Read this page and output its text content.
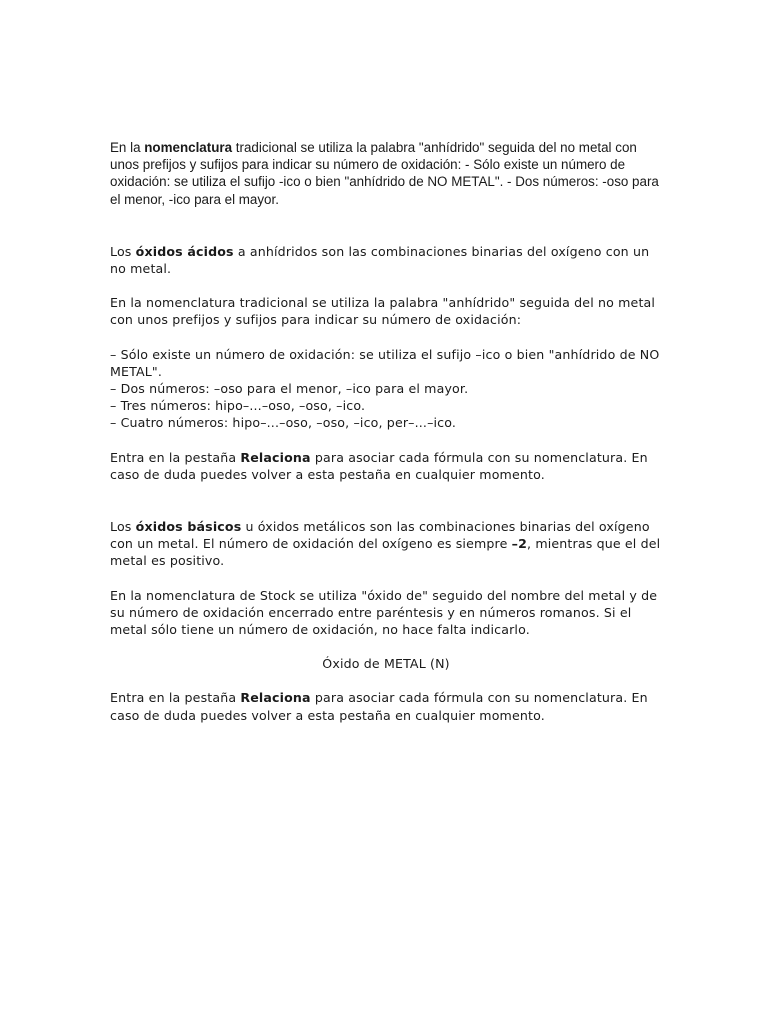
En la nomenclatura tradicional se utiliza la palabra "anhídrido" seguida del no metal con unos prefijos y sufijos para indicar su número de oxidación: - Sólo existe un número de oxidación: se utiliza el sufijo -ico o bien "anhídrido de NO METAL". - Dos números: -oso para el menor, -ico para el mayor.

Los óxidos ácidos a anhídridos son las combinaciones binarias del oxígeno con un no metal.

En la nomenclatura tradicional se utiliza la palabra "anhídrido" seguida del no metal con unos prefijos y sufijos para indicar su número de oxidación:

– Sólo existe un número de oxidación: se utiliza el sufijo –ico o bien "anhídrido de NO METAL".
– Dos números: –oso para el menor, –ico para el mayor.
– Tres números: hipo–...–oso, –oso, –ico.
– Cuatro números: hipo–...–oso, –oso, –ico, per–...–ico.

Entra en la pestaña Relaciona para asociar cada fórmula con su nomenclatura. En caso de duda puedes volver a esta pestaña en cualquier momento.

Los óxidos básicos u óxidos metálicos son las combinaciones binarias del oxígeno con un metal. El número de oxidación del oxígeno es siempre –2, mientras que el del metal es positivo.

En la nomenclatura de Stock se utiliza "óxido de" seguido del nombre del metal y de su número de oxidación encerrado entre paréntesis y en números romanos. Si el metal sólo tiene un número de oxidación, no hace falta indicarlo.

Óxido de METAL (N)

Entra en la pestaña Relaciona para asociar cada fórmula con su nomenclatura. En caso de duda puedes volver a esta pestaña en cualquier momento.
